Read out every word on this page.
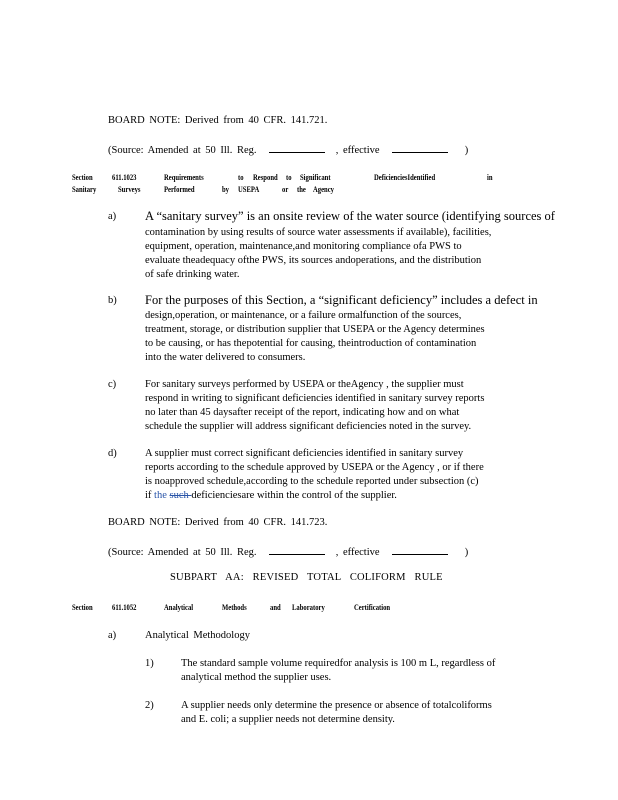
BOARD NOTE: Derived from 40 CFR. 141.721.
(Source: Amended at 50 Ill. Reg.	, effective	)
Section 611.1023	Requirements	to Respond to Significant	DeficienciesIdentified	in
Sanitary	Surveys	Performed	by USEPA	or the Agency
a) A “sanitary survey” is an onsite review of the water source (identifying sources of
contamination by using results of source water assessments if available), facilities,
equipment, operation, maintenance,and monitoring compliance ofa PWS to
evaluate theadequacy ofthe PWS, its sources andoperations, and the distribution
of safe drinking water.
b) For the purposes of this Section, a “significant deficiency” includes a defect in
design,operation, or maintenance, or a failure ormalfunction of the sources,
treatment, storage, or distribution supplier that USEPA or the Agency determines
to be causing, or has thepotential for causing, theintroduction of contamination
into the water delivered to consumers.
c)	For sanitary surveys performed by USEPA or theAgency , the supplier must
respond in writing to significant deficiencies identified in sanitary survey reports
no later than 45 daysafter receipt of the report, indicating how and on what
schedule the supplier will address significant deficiencies noted in the survey.
d)	A supplier must correct significant deficiencies identified in sanitary survey
reports according to the schedule approved by USEPA or the Agency , or if there
is noapproved schedule,according to the schedule reported under subsection (c)
if the such deficienciesare within the control of the supplier.
BOARD NOTE: Derived from 40 CFR. 141.723.
(Source: Amended at 50 Ill. Reg.	, effective	)
SUBPART AA: REVISED TOTAL COLIFORM RULE
Section 611.1052	Analytical	Methods	and Laboratory	Certification
a)	Analytical Methodology
1)	The standard sample volume requiredfor analysis is 100 m L, regardless of
analytical method the supplier uses.
2)	A supplier needs only determine the presence or absence of totalcoliforms
and E. coli; a supplier needs not determine density.
